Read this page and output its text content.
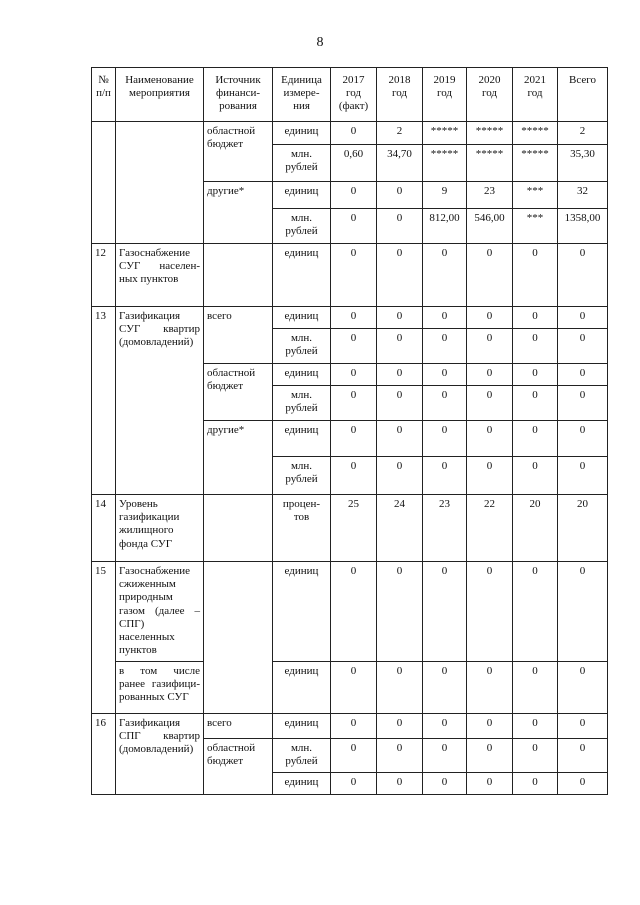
8
№ п/п	Наименование мероприятия	Источник финанси-рования	Единица измере-ния	2017 год (факт)	2018 год	2019 год	2020 год	2021 год	Всего
		областной бюджет	единиц	0	2	*****	*****	*****	2
			млн. рублей	0,60	34,70	*****	*****	*****	35,30
		другие*	единиц	0	0	9	23	***	32
			млн. рублей	0	0	812,00	546,00	***	1358,00
12	Газоснабжение СУГ населен-ных пунктов		единиц	0	0	0	0	0	0
13	Газификация СУГ квартир (домовладений)	всего	единиц	0	0	0	0	0	0
			млн. рублей	0	0	0	0	0	0
		областной бюджет	единиц	0	0	0	0	0	0
			млн. рублей	0	0	0	0	0	0
		другие*	единиц	0	0	0	0	0	0
			млн. рублей	0	0	0	0	0	0
14	Уровень газификации жилищного фонда СУГ		процен-тов	25	24	23	22	20	20
15	Газоснабжение сжиженным природным газом (далее – СПГ) населенных пунктов		единиц	0	0	0	0	0	0
	в том числе ранее газифици-рованных СУГ		единиц	0	0	0	0	0	0
16	Газификация СПГ квартир (домовладений)	всего	единиц	0	0	0	0	0	0
		областной бюджет	млн. рублей	0	0	0	0	0	0
			единиц	0	0	0	0	0	0
